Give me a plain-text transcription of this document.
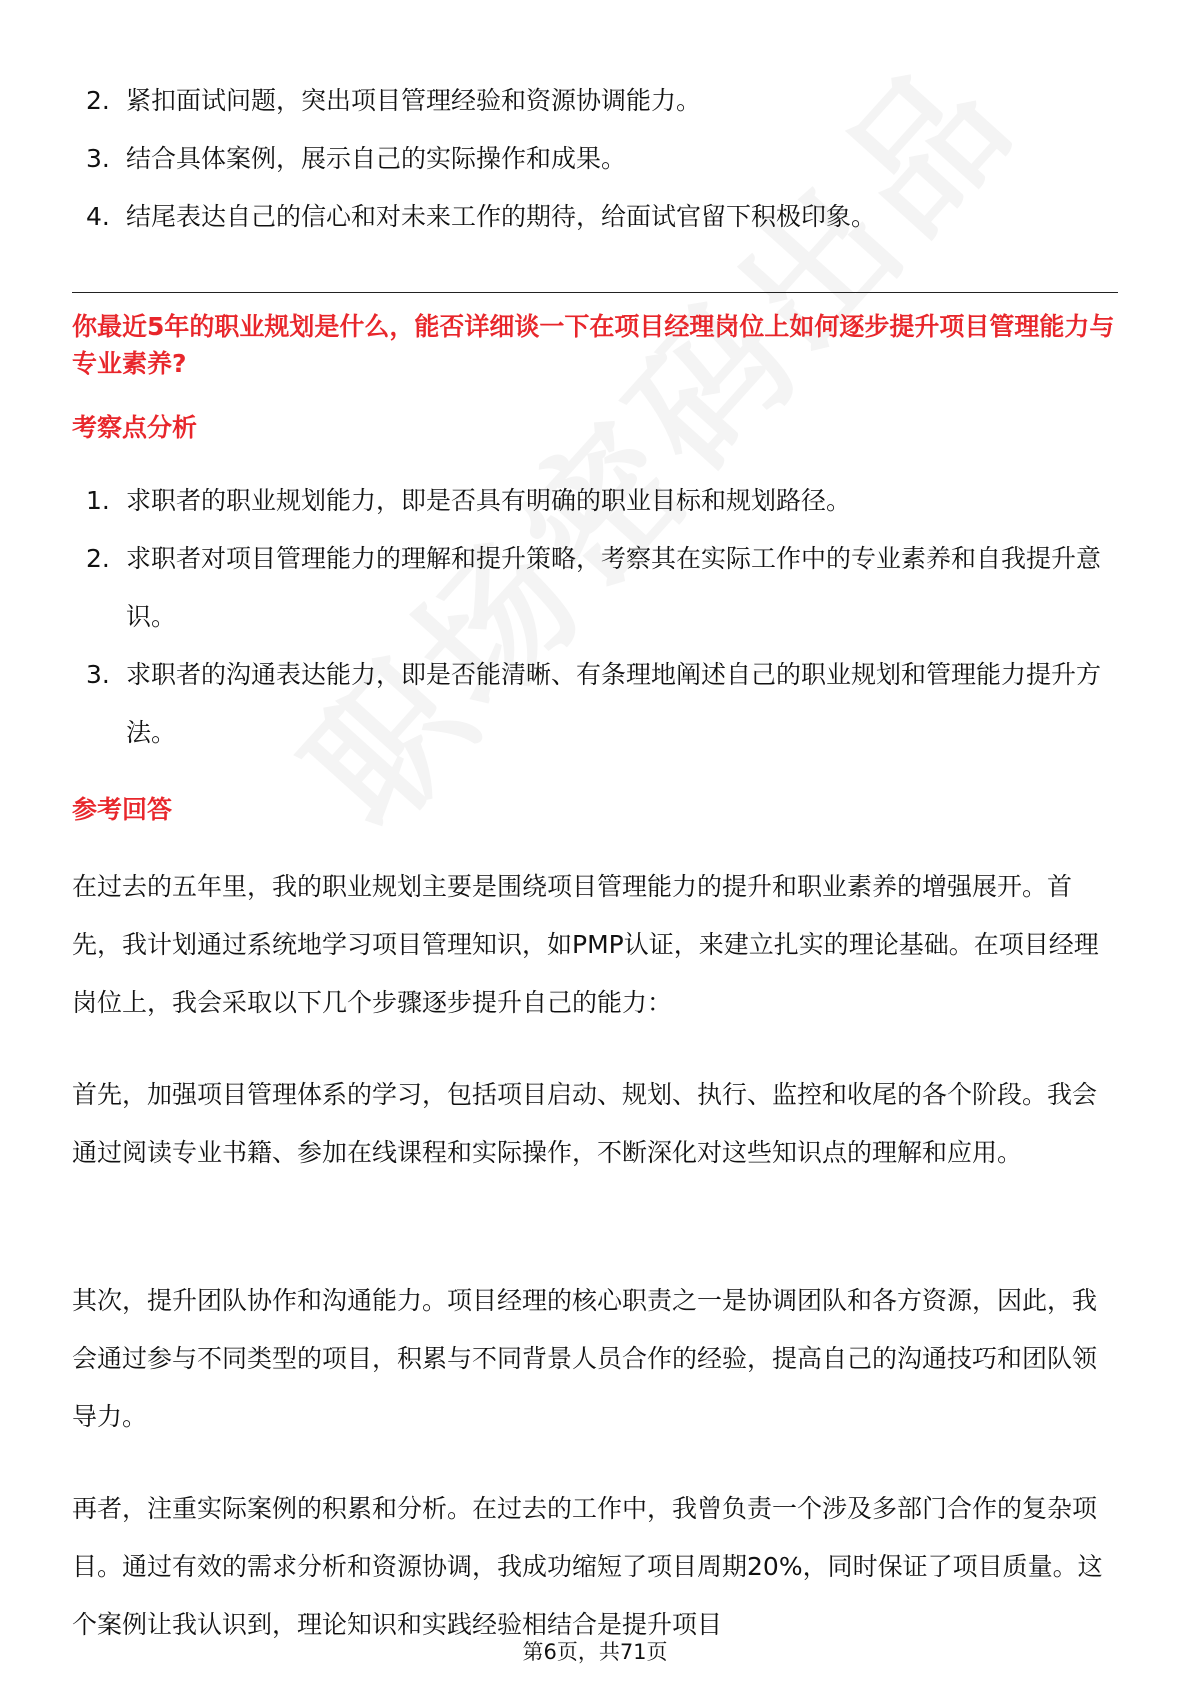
2. 紧扣面试问题，突出项目管理经验和资源协调能力。
3. 结合具体案例，展示自己的实际操作和成果。
4. 结尾表达自己的信心和对未来工作的期待，给面试官留下积极印象。
你最近5年的职业规划是什么，能否详细谈一下在项目经理岗位上如何逐步提升项目管理能力与专业素养?
考察点分析
1. 求职者的职业规划能力，即是否具有明确的职业目标和规划路径。
2. 求职者对项目管理能力的理解和提升策略，考察其在实际工作中的专业素养和自我提升意识。
3. 求职者的沟通表达能力，即是否能清晰、有条理地阐述自己的职业规划和管理能力提升方法。
参考回答

在过去的五年里，我的职业规划主要是围绕项目管理能力的提升和职业素养的增强展开。首先，我计划通过系统地学习项目管理知识，如PMP认证，来建立扎实的理论基础。在项目经理岗位上，我会采取以下几个步骤逐步提升自己的能力：

首先，加强项目管理体系的学习，包括项目启动、规划、执行、监控和收尾的各个阶段。我会通过阅读专业书籍、参加在线课程和实际操作，不断深化对这些知识点的理解和应用。

其次，提升团队协作和沟通能力。项目经理的核心职责之一是协调团队和各方资源，因此，我会通过参与不同类型的项目，积累与不同背景人员合作的经验，提高自己的沟通技巧和团队领导力。

再者，注重实际案例的积累和分析。在过去的工作中，我曾负责一个涉及多部门合作的复杂项目。通过有效的需求分析和资源协调，我成功缩短了项目周期20%，同时保证了项目质量。这个案例让我认识到，理论知识和实践经验相结合是提升项目

第6页，共71页
